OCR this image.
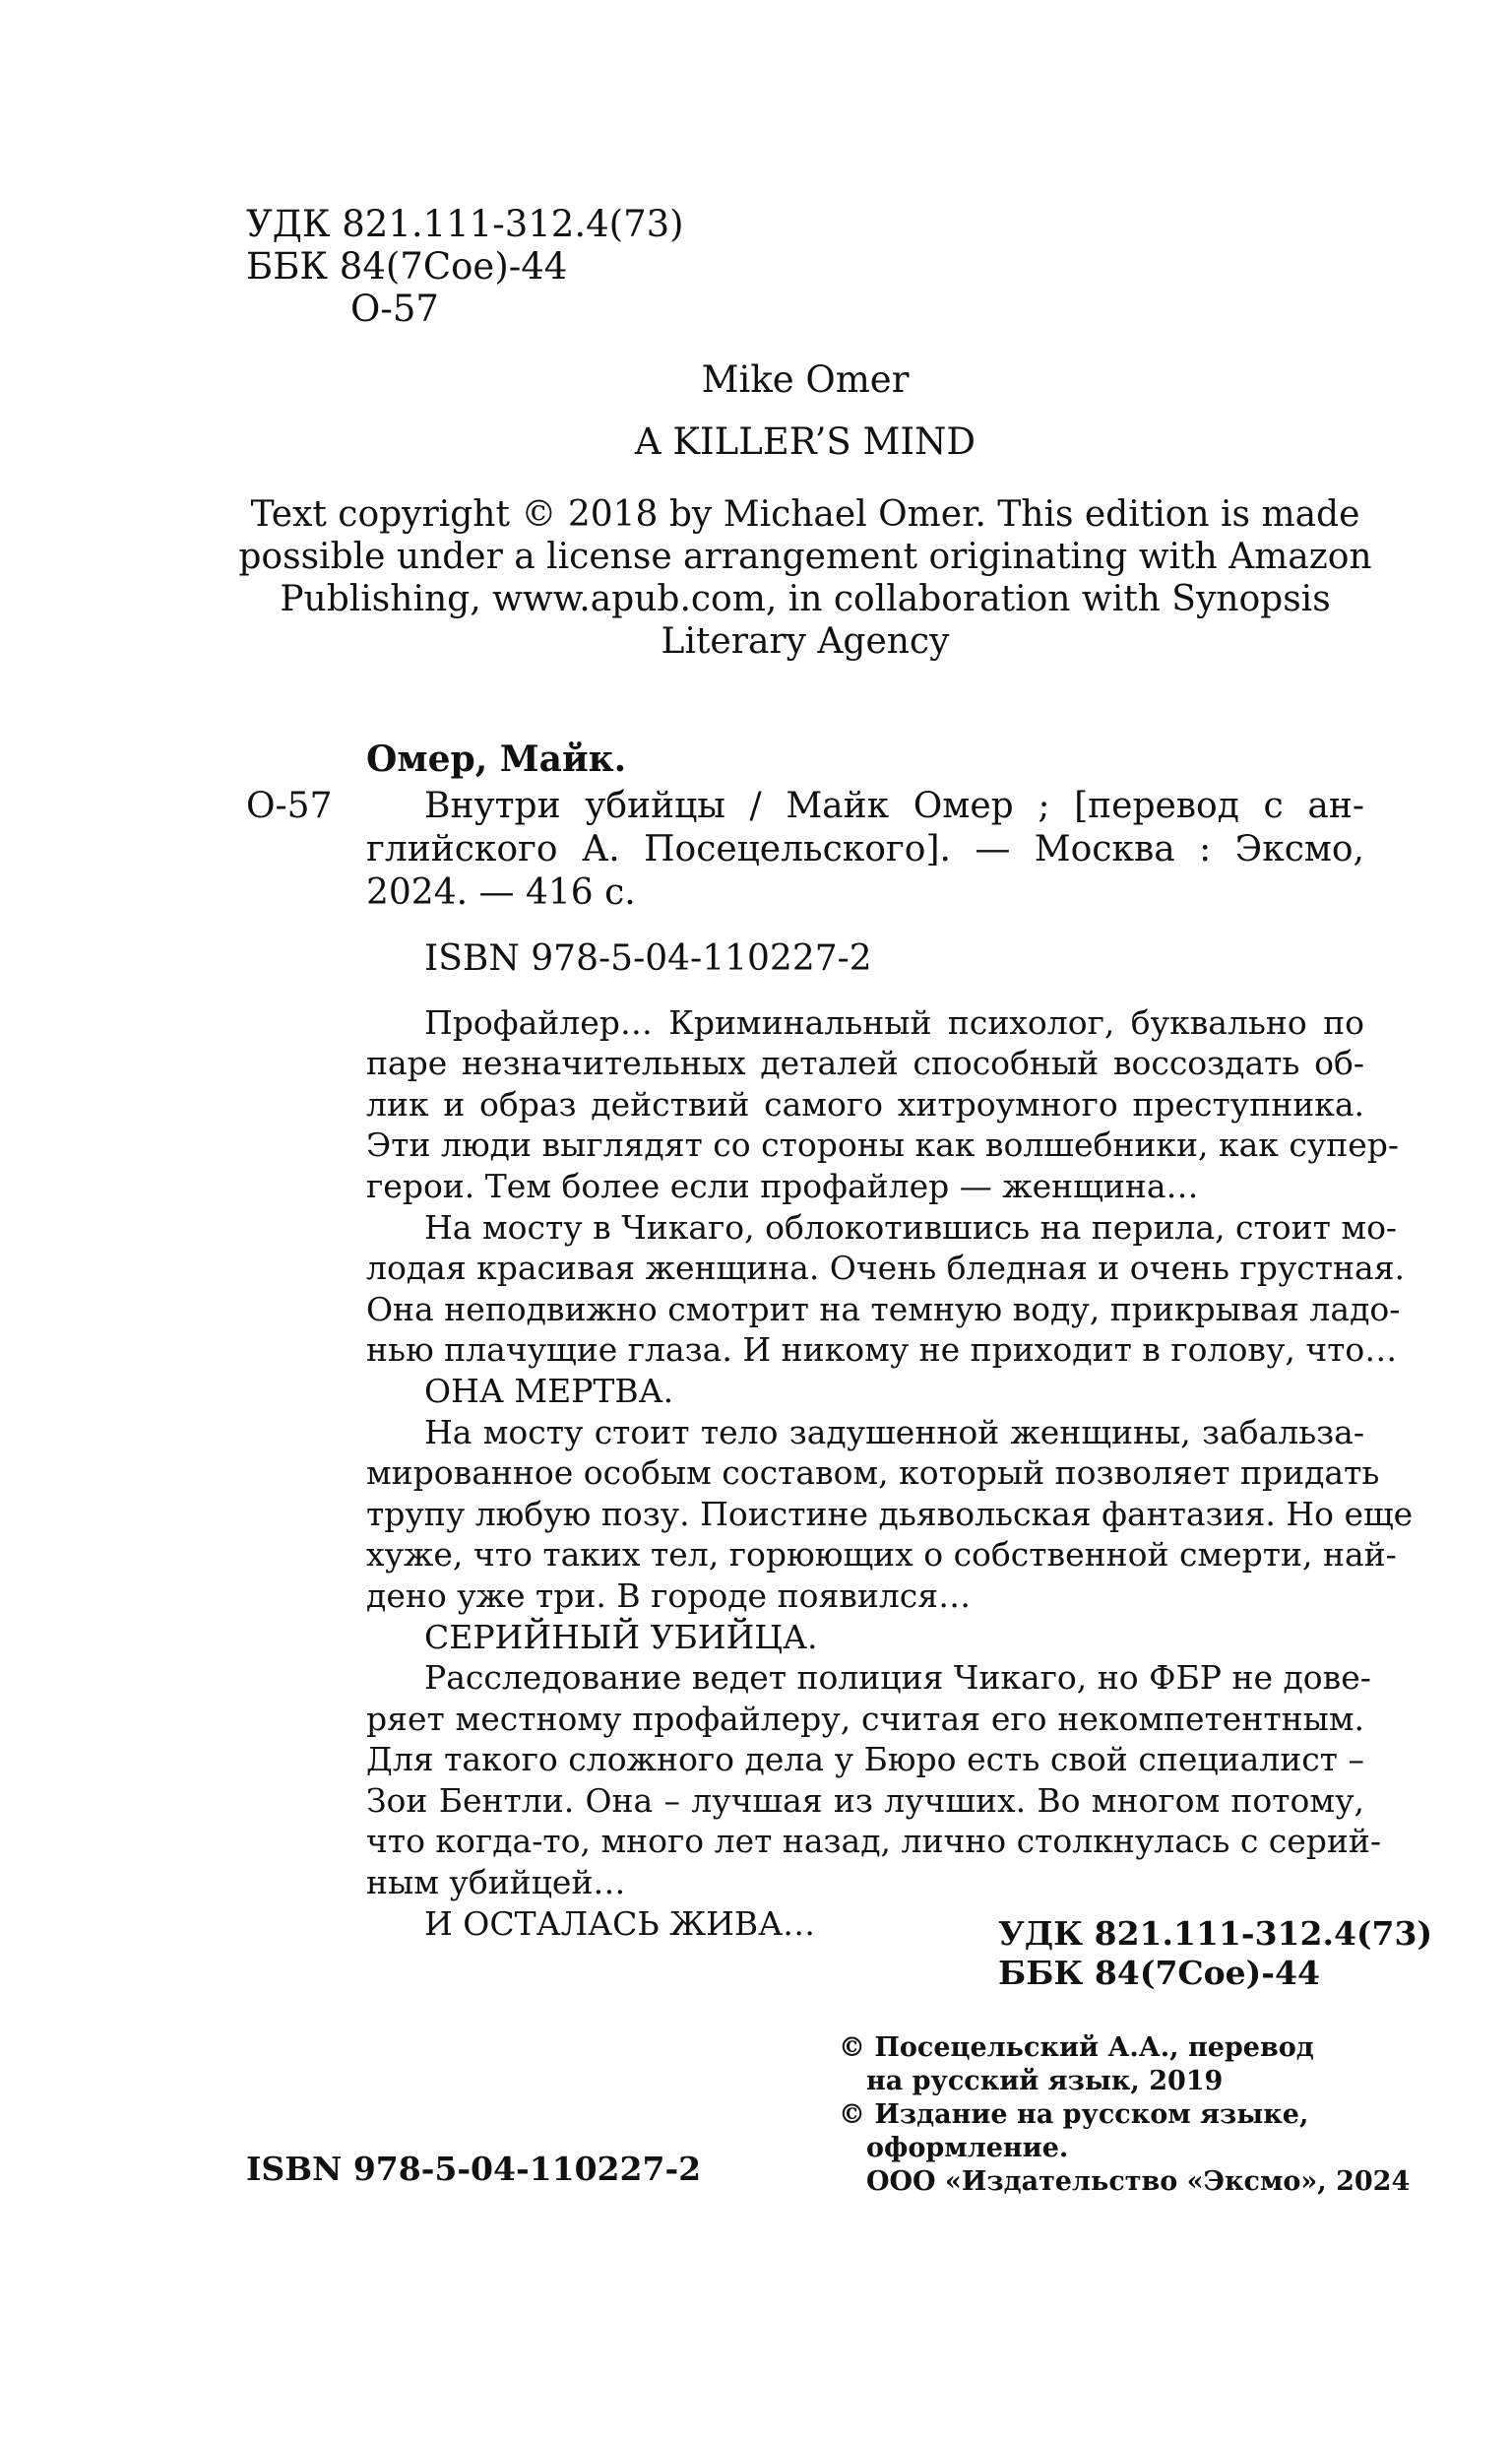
УДК 821.111-312.4(73)
ББК 84(7Сое)-44
О-57
Mike Omer
A KILLER’S MIND
Text copyright © 2018 by Michael Omer. This edition is made
possible under a license arrangement originating with Amazon
Publishing, www.apub.com, in collaboration with Synopsis
Literary Agency
Омер, Майк.
О-57	Внутри убийцы / Майк Омер ; [перевод с ан-
глийского А. Посецельского]. — Москва : Эксмо,
2024. — 416 с.
ISBN 978-5-04-110227-2
Профайлер… Криминальный психолог, буквально по
паре незначительных деталей способный воссоздать об-
лик и образ действий самого хитроумного преступника.
Эти люди выглядят со стороны как волшебники, как супер-
герои. Тем более если профайлер — женщина…
На мосту в Чикаго, облокотившись на перила, стоит мо-
лодая красивая женщина. Очень бледная и очень грустная.
Она неподвижно смотрит на темную воду, прикрывая ладо-
нью плачущие глаза. И никому не приходит в голову, что…
ОНА МЕРТВА.
На мосту стоит тело задушенной женщины, забальза-
мированное особым составом, который позволяет придать
трупу любую позу. Поистине дьявольская фантазия. Но еще
хуже, что таких тел, горюющих о собственной смерти, най-
дено уже три. В городе появился…
СЕРИЙНЫЙ УБИЙЦА.
Расследование ведет полиция Чикаго, но ФБР не дове-
ряет местному профайлеру, считая его некомпетентным.
Для такого сложного дела у Бюро есть свой специалист –
Зои Бентли. Она – лучшая из лучших. Во многом потому,
что когда-то, много лет назад, лично столкнулась с серий-
ным убийцей…
И ОСТАЛАСЬ ЖИВА…	УДК 821.111-312.4(73)
ББК 84(7Сое)-44
© Посецельский А.А., перевод
на русский язык, 2019
© Издание на русском языке,
оформление.
ООО «Издательство «Эксмо», 2024
ISBN 978-5-04-110227-2
